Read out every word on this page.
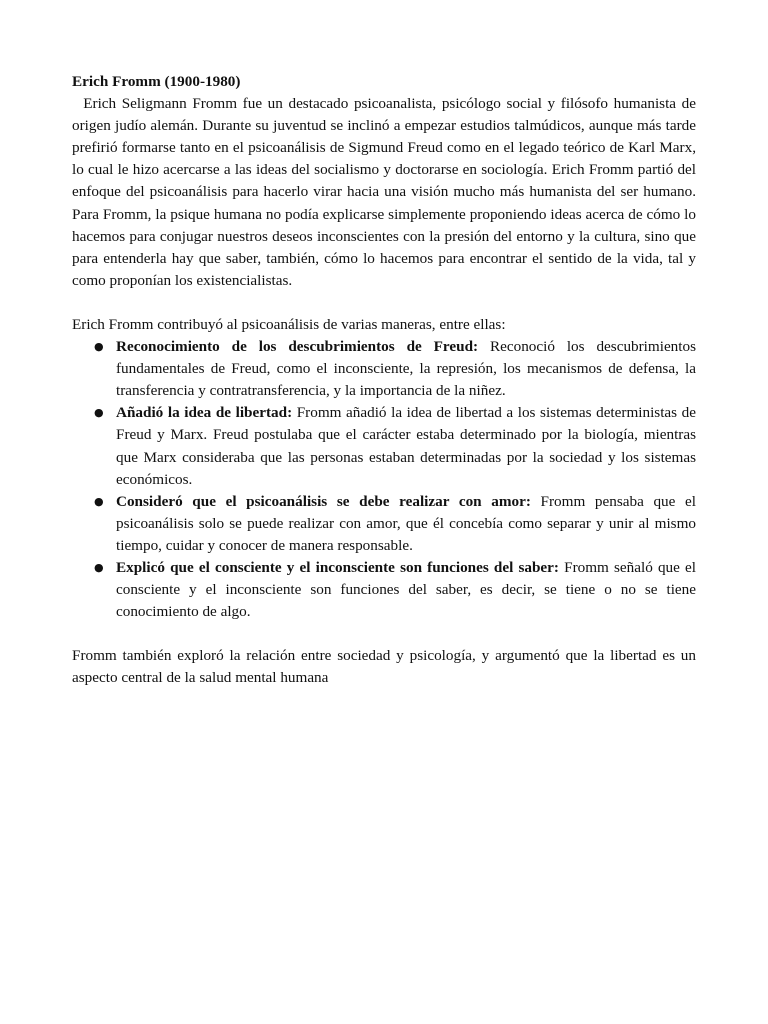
Erich Fromm (1900-1980)

Erich Seligmann Fromm fue un destacado psicoanalista, psicólogo social y filósofo humanista de origen judío alemán. Durante su juventud se inclinó a empezar estudios talmúdicos, aunque más tarde prefirió formarse tanto en el psicoanálisis de Sigmund Freud como en el legado teórico de Karl Marx, lo cual le hizo acercarse a las ideas del socialismo y doctorarse en sociología. Erich Fromm partió del enfoque del psicoanálisis para hacerlo virar hacia una visión mucho más humanista del ser humano. Para Fromm, la psique humana no podía explicarse simplemente proponiendo ideas acerca de cómo lo hacemos para conjugar nuestros deseos inconscientes con la presión del entorno y la cultura, sino que para entenderla hay que saber, también, cómo lo hacemos para encontrar el sentido de la vida, tal y como proponían los existencialistas.

Erich Fromm contribuyó al psicoanálisis de varias maneras, entre ellas:

● Reconocimiento de los descubrimientos de Freud: Reconoció los descubrimientos fundamentales de Freud, como el inconsciente, la represión, los mecanismos de defensa, la transferencia y contratransferencia, y la importancia de la niñez.
● Añadió la idea de libertad: Fromm añadió la idea de libertad a los sistemas deterministas de Freud y Marx. Freud postulaba que el carácter estaba determinado por la biología, mientras que Marx consideraba que las personas estaban determinadas por la sociedad y los sistemas económicos.
● Consideró que el psicoanálisis se debe realizar con amor: Fromm pensaba que el psicoanálisis solo se puede realizar con amor, que él concebía como separar y unir al mismo tiempo, cuidar y conocer de manera responsable.
● Explicó que el consciente y el inconsciente son funciones del saber: Fromm señaló que el consciente y el inconsciente son funciones del saber, es decir, se tiene o no se tiene conocimiento de algo.

Fromm también exploró la relación entre sociedad y psicología, y argumentó que la libertad es un aspecto central de la salud mental humana
